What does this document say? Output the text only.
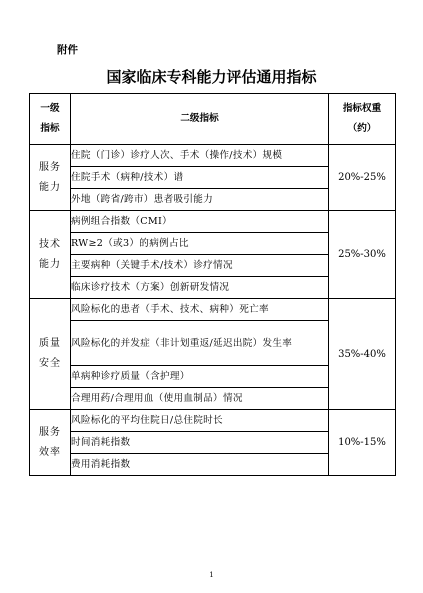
附件
国家临床专科能力评估通用指标
一级
指标	二级指标	指标权重
（约）
服务
能力	住院（门诊）诊疗人次、手术（操作/技术）规模	20%-25%
	住院手术（病种/技术）谱	
	外地（跨省/跨市）患者吸引能力	
技术
能力	病例组合指数（CMI）	25%-30%
	RW≥2（或3）的病例占比	
	主要病种（关键手术/技术）诊疗情况	
	临床诊疗技术（方案）创新研发情况	
质量
安全	风险标化的患者（手术、技术、病种）死亡率	35%-40%
	风险标化的并发症（非计划重返/延迟出院）发生率	
	单病种诊疗质量（含护理）	
	合理用药/合理用血（使用血制品）情况	
服务
效率	风险标化的平均住院日/总住院时长	10%-15%
	时间消耗指数	
	费用消耗指数	
1
